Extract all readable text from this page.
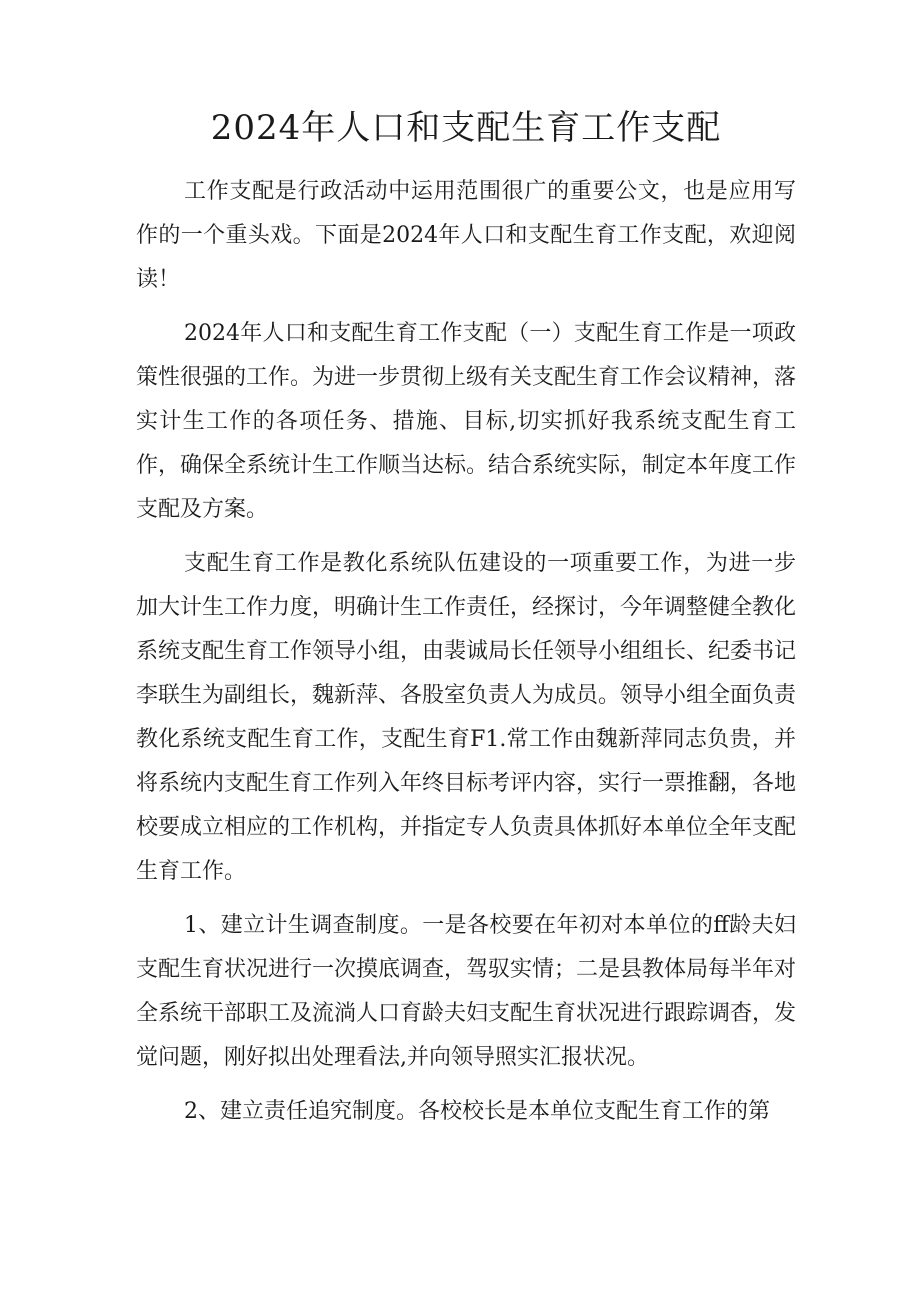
2024年人口和支配生育工作支配

工作支配是行政活动中运用范围很广的重要公文，也是应用写作的一个重头戏。下面是2024年人口和支配生育工作支配，欢迎阅读！

2024年人口和支配生育工作支配（一）支配生育工作是一项政策性很强的工作。为进一步贯彻上级有关支配生育工作会议精神，落实计生工作的各项任务、措施、目标,切实抓好我系统支配生育工作，确保全系统计生工作顺当达标。结合系统实际，制定本年度工作支配及方案。

支配生育工作是教化系统队伍建设的一项重要工作，为进一步加大计生工作力度，明确计生工作责任，经探讨，今年调整健全教化系统支配生育工作领导小组，由裴诚局长任领导小组组长、纪委书记李联生为副组长，魏新萍、各股室负责人为成员。领导小组全面负责教化系统支配生育工作，支配生育F1.常工作由魏新萍同志负贵，并将系统内支配生育工作列入年终目标考评内容，实行一票推翻，各地校要成立相应的工作机构，并指定专人负责具体抓好本单位全年支配生育工作。

1、建立计生调查制度。一是各校要在年初对本单位的ff龄夫妇支配生育状况进行一次摸底调查，驾驭实情；二是县教体局每半年对全系统干部职工及流淌人口育龄夫妇支配生育状况进行跟踪调杳，发觉问题，刚好拟出处理看法,并向领导照实汇报状况。

2、建立责任追究制度。各校校长是本单位支配生育工作的第
